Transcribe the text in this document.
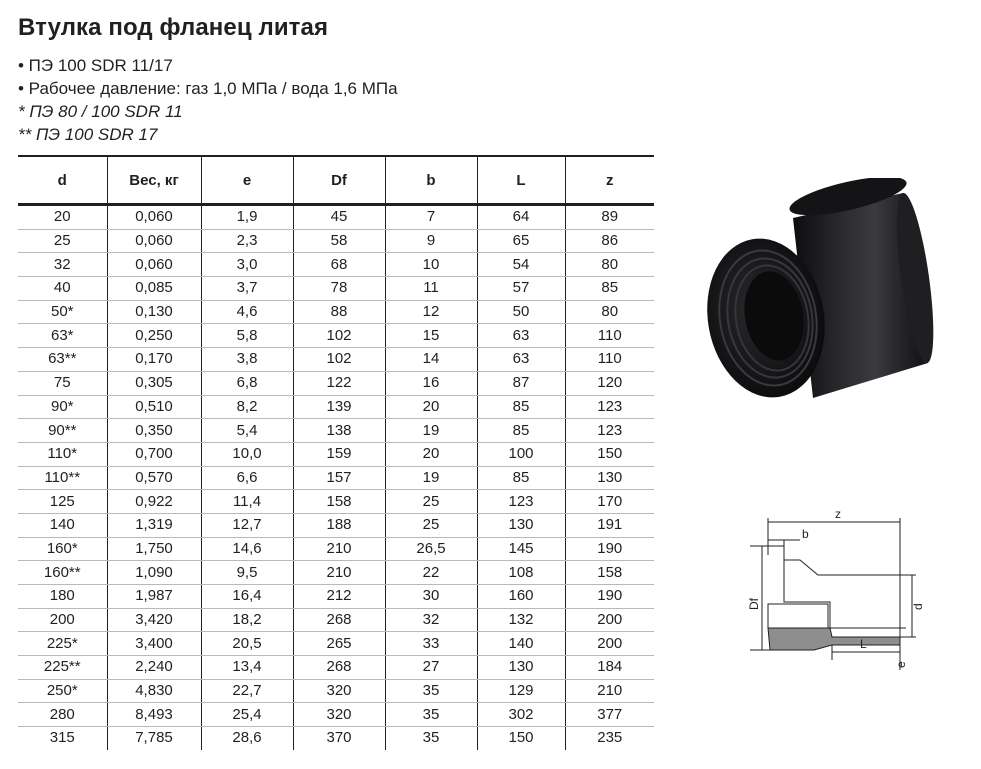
Втулка под фланец литая
• ПЭ 100 SDR 11/17
• Рабочее давление: газ 1,0 МПа / вода 1,6 МПа
* ПЭ 80 / 100 SDR 11
** ПЭ 100 SDR 17
d	Вес, кг	e	Df	b	L	z
20	0,060	1,9	45	7	64	89
25	0,060	2,3	58	9	65	86
32	0,060	3,0	68	10	54	80
40	0,085	3,7	78	11	57	85
50*	0,130	4,6	88	12	50	80
63*	0,250	5,8	102	15	63	110
63**	0,170	3,8	102	14	63	110
75	0,305	6,8	122	16	87	120
90*	0,510	8,2	139	20	85	123
90**	0,350	5,4	138	19	85	123
110*	0,700	10,0	159	20	100	150
110**	0,570	6,6	157	19	85	130
125	0,922	11,4	158	25	123	170
140	1,319	12,7	188	25	130	191
160*	1,750	14,6	210	26,5	145	190
160**	1,090	9,5	210	22	108	158
180	1,987	16,4	212	30	160	190
200	3,420	18,2	268	32	132	200
225*	3,400	20,5	265	33	140	200
225**	2,240	13,4	268	27	130	184
250*	4,830	22,7	320	35	129	210
280	8,493	25,4	320	35	302	377
315	7,785	28,6	370	35	150	235
z
b
Df	d
L
e
